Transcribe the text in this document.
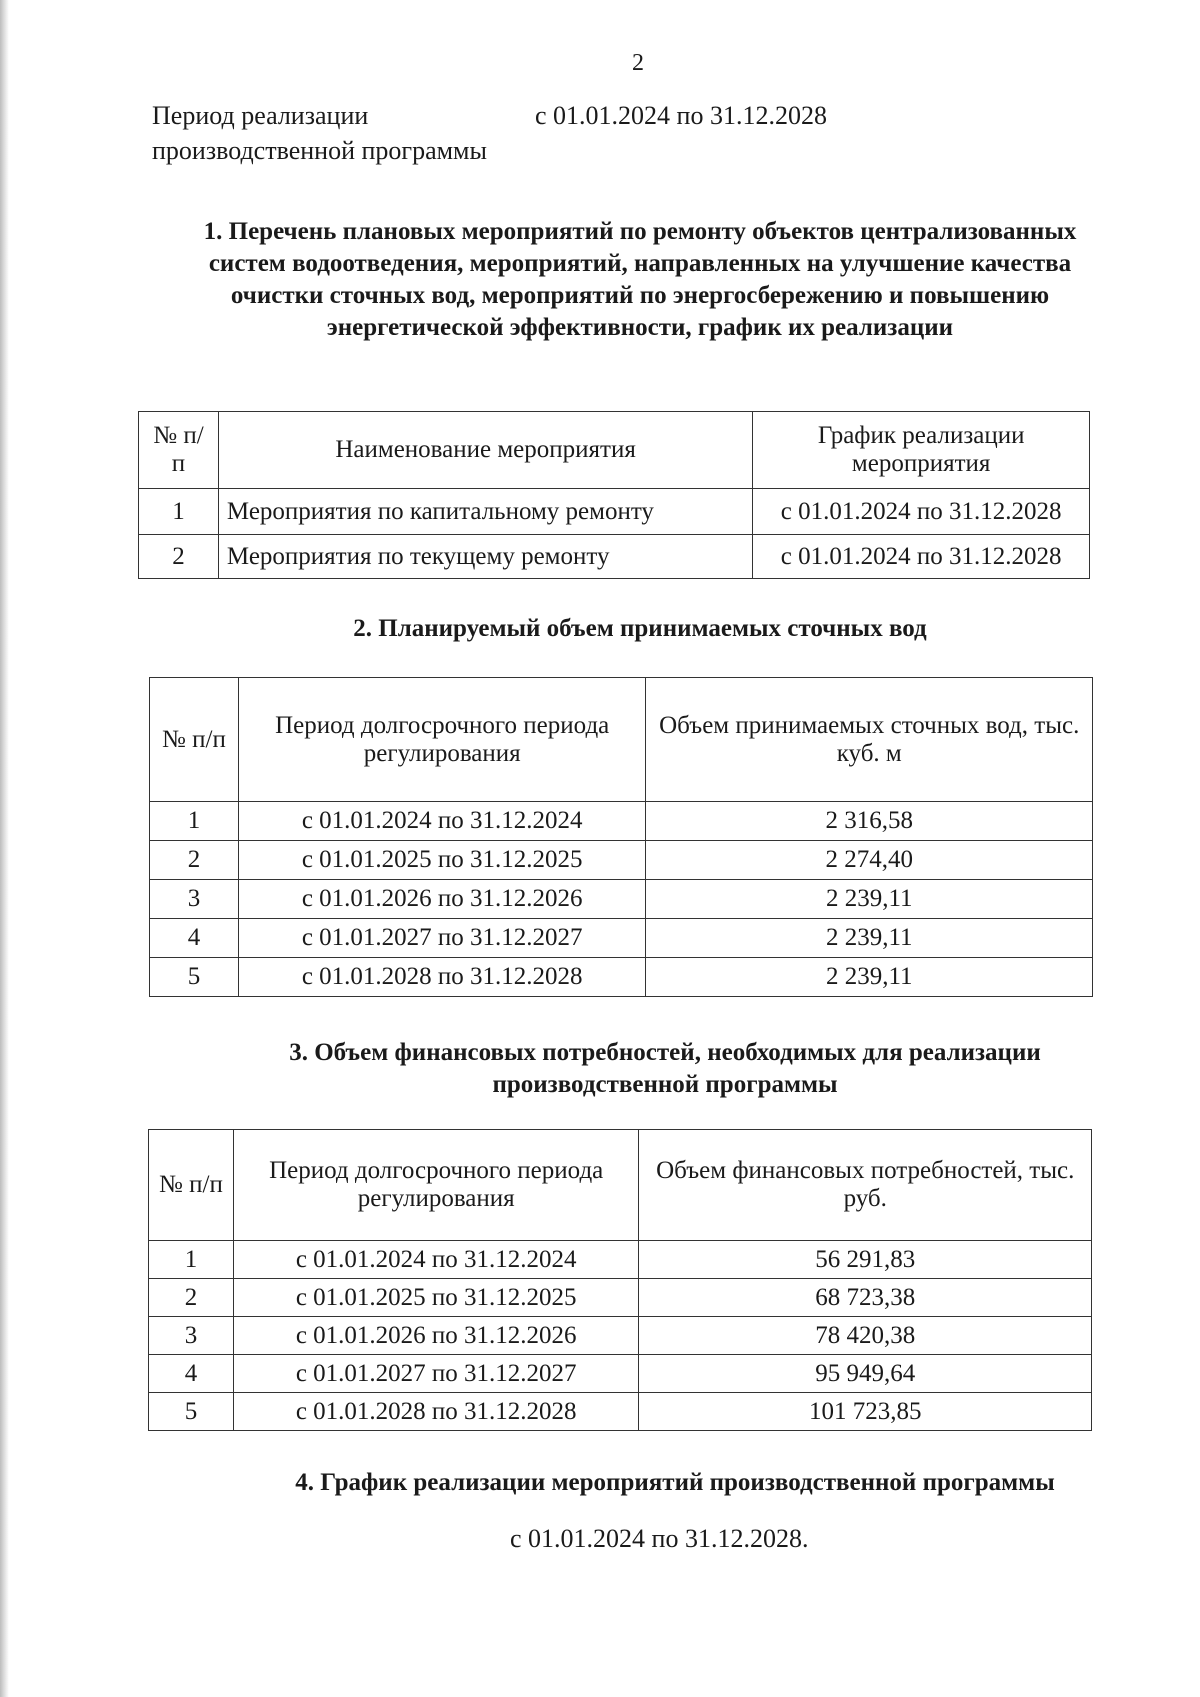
2
Период реализации производственной программы
с 01.01.2024 по 31.12.2028
1. Перечень плановых мероприятий по ремонту объектов централизованных систем водоотведения, мероприятий, направленных на улучшение качества очистки сточных вод, мероприятий по энергосбережению и повышению энергетической эффективности, график их реализации
№ п/п	Наименование мероприятия	График реализации мероприятия
1	Мероприятия по капитальному ремонту	с 01.01.2024 по 31.12.2028
2	Мероприятия по текущему ремонту	с 01.01.2024 по 31.12.2028
2. Планируемый объем принимаемых сточных вод
№ п/п	Период долгосрочного периода регулирования	Объем принимаемых сточных вод, тыс. куб. м
1	с 01.01.2024 по 31.12.2024	2 316,58
2	с 01.01.2025 по 31.12.2025	2 274,40
3	с 01.01.2026 по 31.12.2026	2 239,11
4	с 01.01.2027 по 31.12.2027	2 239,11
5	с 01.01.2028 по 31.12.2028	2 239,11
3. Объем финансовых потребностей, необходимых для реализации производственной программы
№ п/п	Период долгосрочного периода регулирования	Объем финансовых потребностей, тыс. руб.
1	с 01.01.2024 по 31.12.2024	56 291,83
2	с 01.01.2025 по 31.12.2025	68 723,38
3	с 01.01.2026 по 31.12.2026	78 420,38
4	с 01.01.2027 по 31.12.2027	95 949,64
5	с 01.01.2028 по 31.12.2028	101 723,85
4. График реализации мероприятий производственной программы
с 01.01.2024 по 31.12.2028.
